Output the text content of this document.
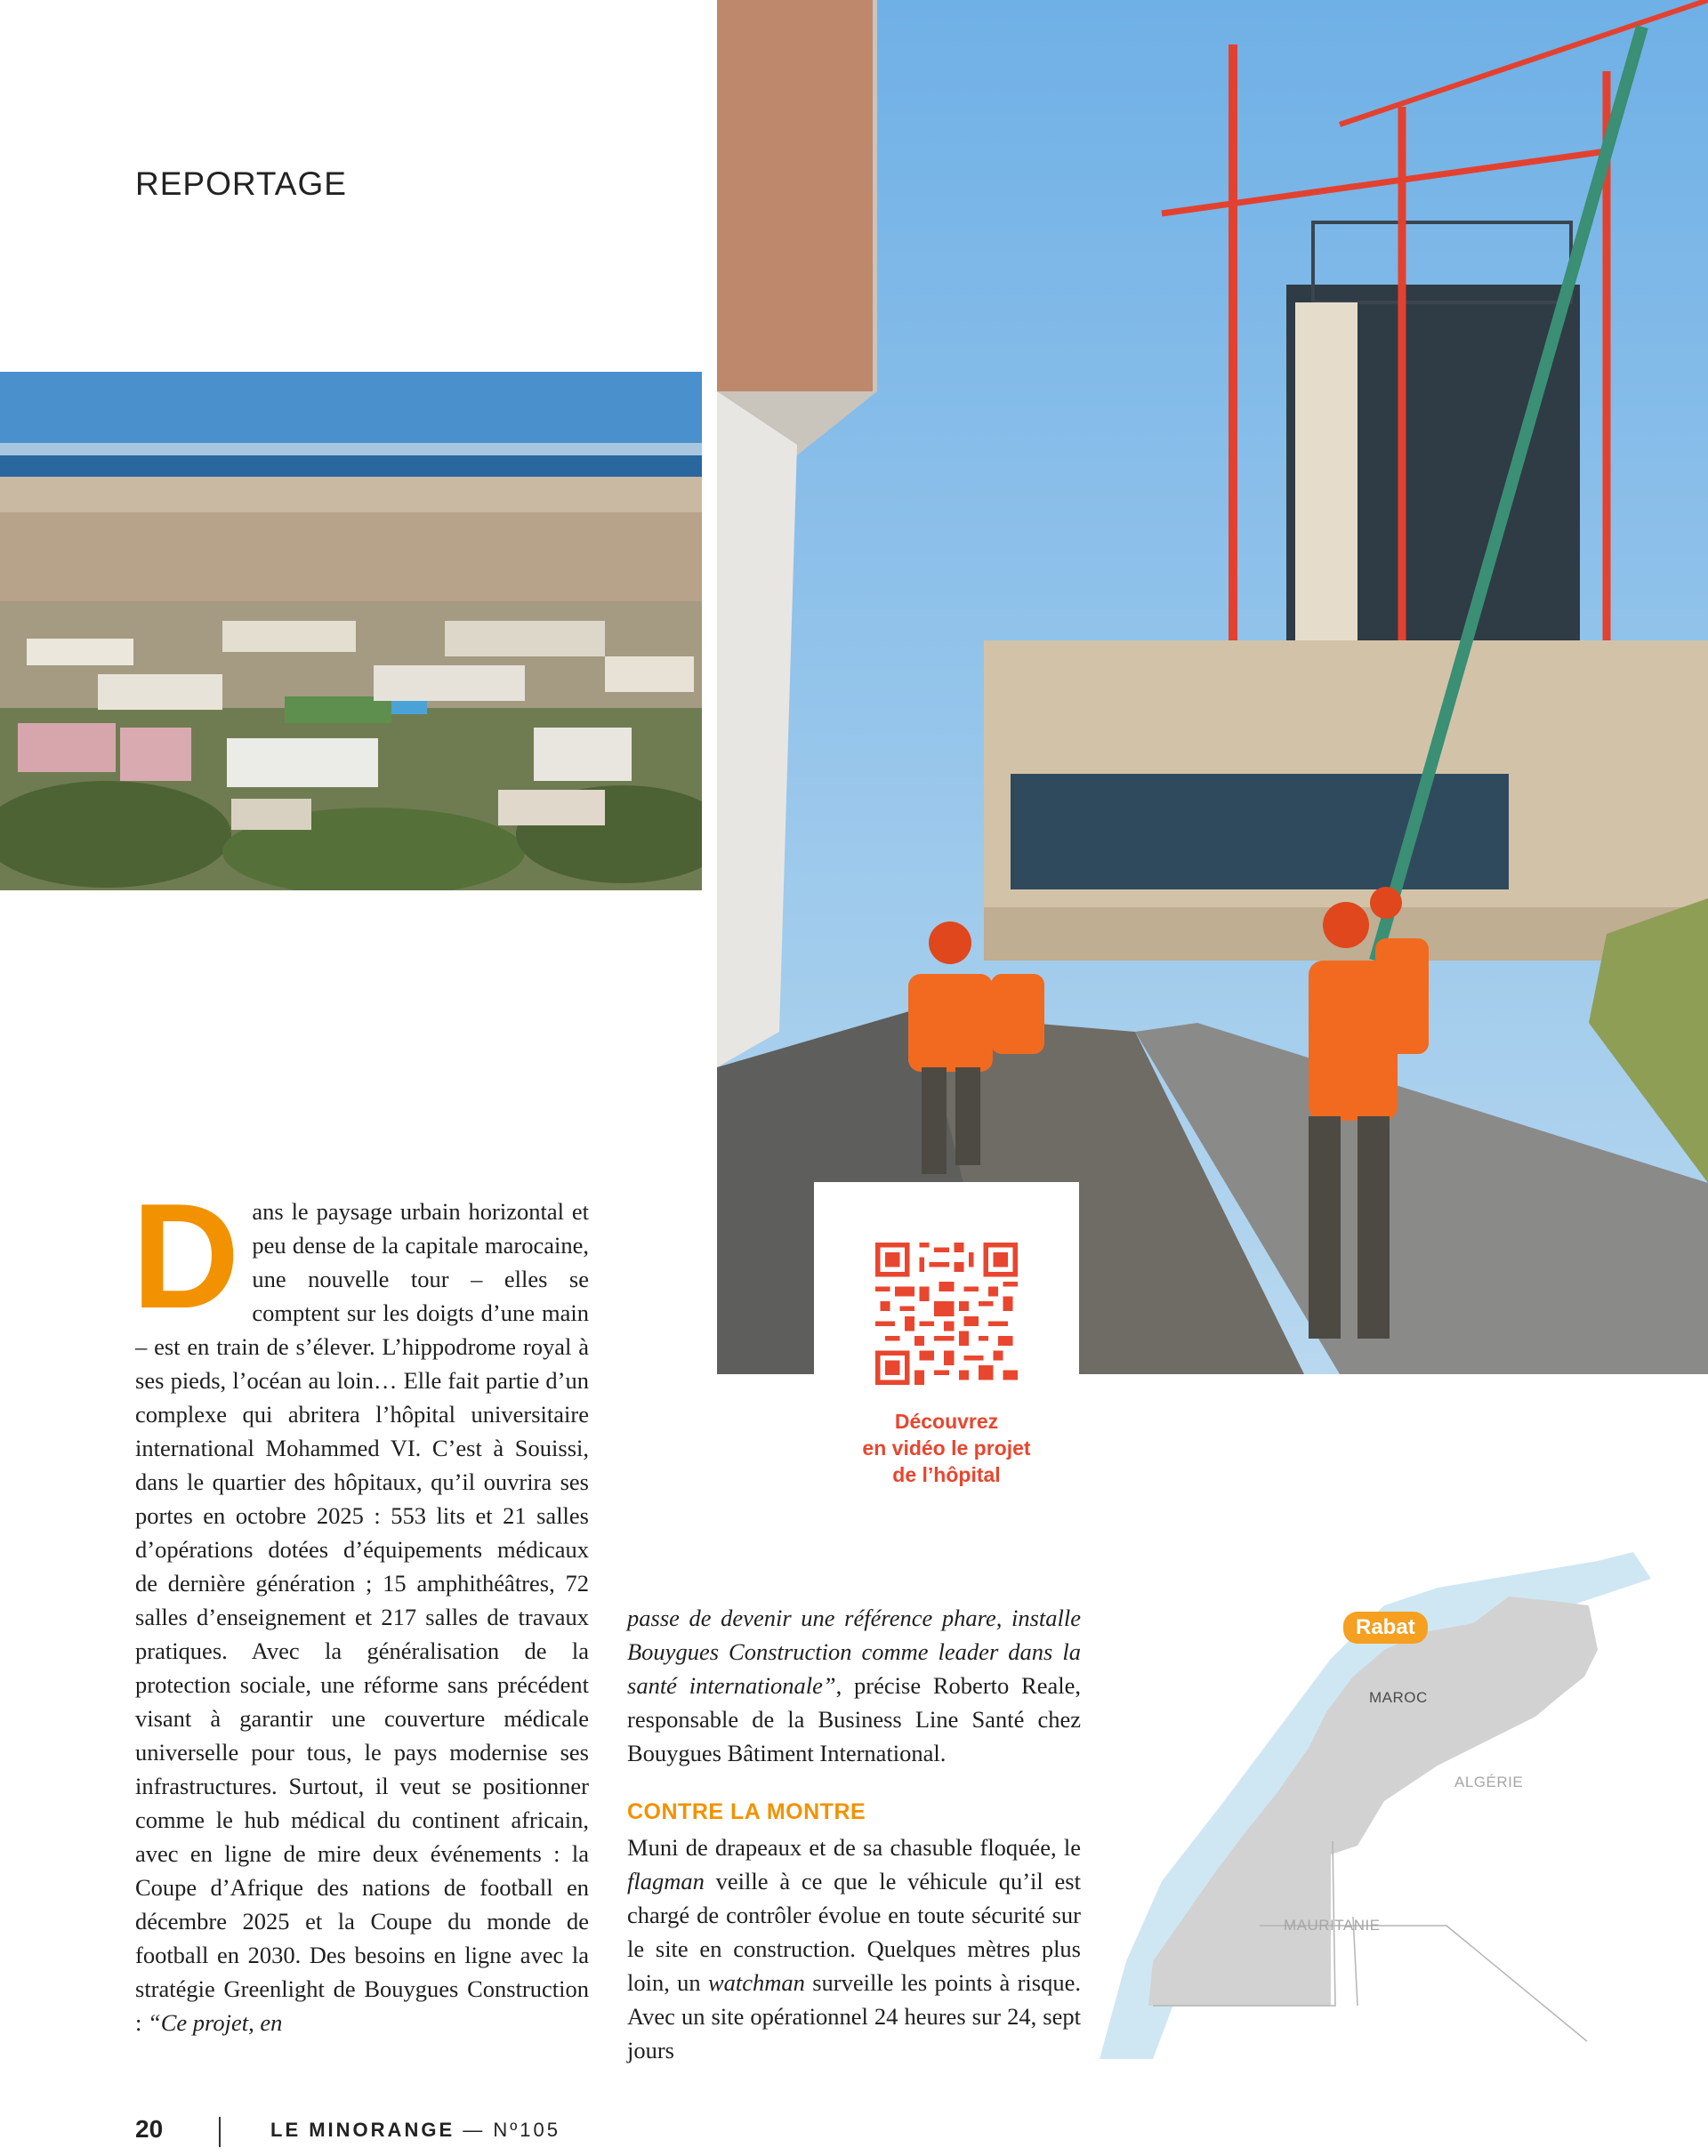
REPORTAGE
Découvrez
en vidéo le projet
de l’hôpital

Dans le paysage urbain horizontal et peu dense de la capitale marocaine, une nouvelle tour – elles se comptent sur les doigts d’une main – est en train de s’élever. L’hippodrome royal à ses pieds, l’océan au loin… Elle fait partie d’un complexe qui abritera l’hôpital universitaire international Mohammed VI. C’est à Souissi, dans le quartier des hôpitaux, qu’il ouvrira ses portes en octobre 2025 : 553 lits et 21 salles d’opérations dotées d’équipements médicaux de dernière génération ; 15 amphithéâtres, 72 salles d’enseignement et 217 salles de travaux pratiques. Avec la généralisation de la protection sociale, une réforme sans précédent visant à garantir une couverture médicale universelle pour tous, le pays modernise ses infrastructures. Surtout, il veut se positionner comme le hub médical du continent africain, avec en ligne de mire deux événements : la Coupe d’Afrique des nations de football en décembre 2025 et la Coupe du monde de football en 2030. Des besoins en ligne avec la stratégie Greenlight de Bouygues Construction : “Ce projet, en

passe de devenir une référence phare, installe Bouygues Construction comme leader dans la santé internationale”, précise Roberto Reale, responsable de la Business Line Santé chez Bouygues Bâtiment International.

CONTRE LA MONTRE

Muni de drapeaux et de sa chasuble floquée, le flagman veille à ce que le véhicule qu’il est chargé de contrôler évolue en toute sécurité sur le site en construction. Quelques mètres plus loin, un watchman surveille les points à risque. Avec un site opérationnel 24 heures sur 24, sept jours

Rabat
MAROC
ALGÉRIE
MAURITANIE
20	LE MINORANGE — Nº105
